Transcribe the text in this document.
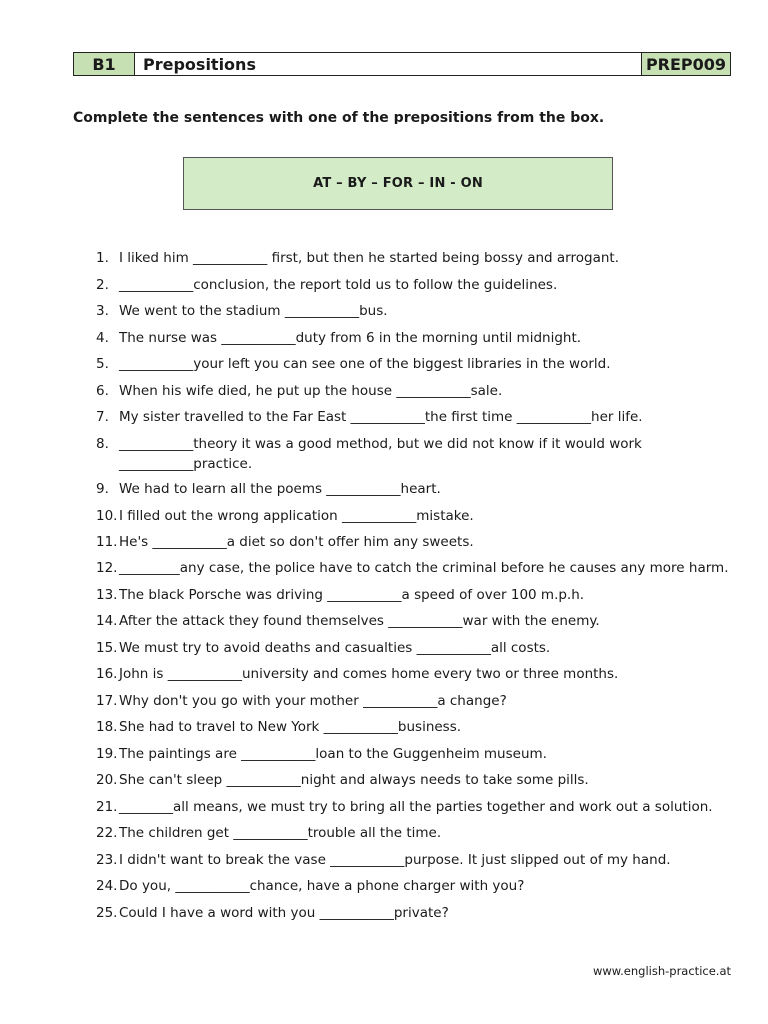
B1	Prepositions	PREP009
Complete the sentences with one of the prepositions from the box.
AT – BY – FOR – IN - ON
1. I liked him ___________ first, but then he started being bossy and arrogant.
2. ___________conclusion, the report told us to follow the guidelines.
3. We went to the stadium ___________bus.
4. The nurse was ___________duty from 6 in the morning until midnight.
5. ___________your left you can see one of the biggest libraries in the world.
6. When his wife died, he put up the house ___________sale.
7. My sister travelled to the Far East ___________the first time ___________her life.
8. ___________theory it was a good method, but we did not know if it would work
___________practice.
9. We had to learn all the poems ___________heart.
10. I filled out the wrong application ___________mistake.
11. He's ___________a diet so don't offer him any sweets.
12. _________any case, the police have to catch the criminal before he causes any more harm.
13. The black Porsche was driving ___________a speed of over 100 m.p.h.
14. After the attack they found themselves ___________war with the enemy.
15. We must try to avoid deaths and casualties ___________all costs.
16. John is ___________university and comes home every two or three months.
17. Why don't you go with your mother ___________a change?
18. She had to travel to New York ___________business.
19. The paintings are ___________loan to the Guggenheim museum.
20. She can't sleep ___________night and always needs to take some pills.
21. ________all means, we must try to bring all the parties together and work out a solution.
22. The children get ___________trouble all the time.
23. I didn't want to break the vase ___________purpose. It just slipped out of my hand.
24. Do you, ___________chance, have a phone charger with you?
25. Could I have a word with you ___________private?
www.english-practice.at
